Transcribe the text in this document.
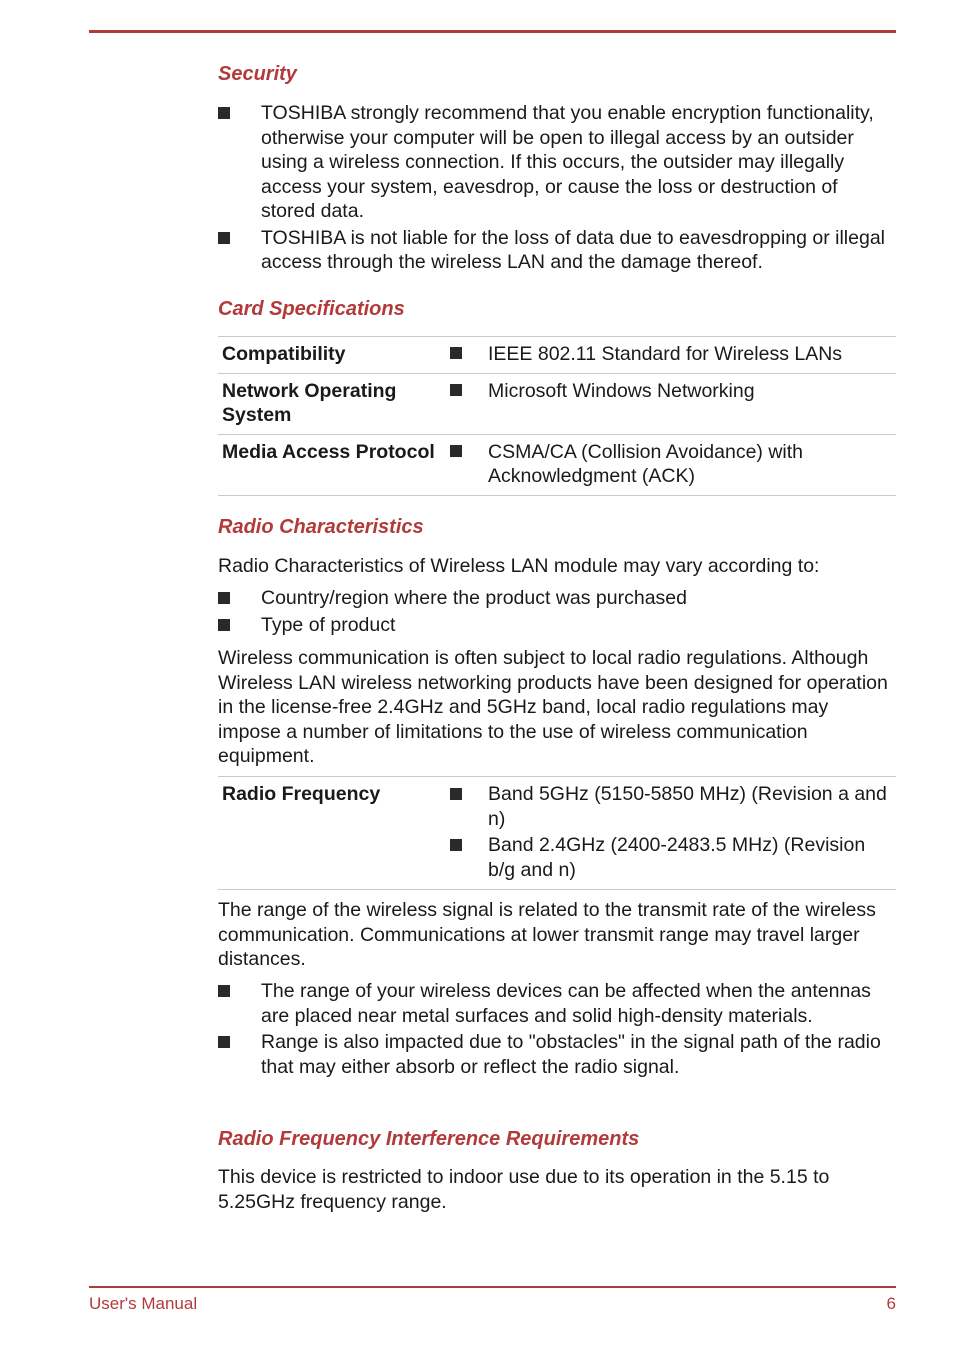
Security
TOSHIBA strongly recommend that you enable encryption functionality, otherwise your computer will be open to illegal access by an outsider using a wireless connection. If this occurs, the outsider may illegally access your system, eavesdrop, or cause the loss or destruction of stored data.
TOSHIBA is not liable for the loss of data due to eavesdropping or illegal access through the wireless LAN and the damage thereof.
Card Specifications
Compatibility		IEEE 802.11 Standard for Wireless LANs
Network Operating System		Microsoft Windows Networking
Media Access Protocol		CSMA/CA (Collision Avoidance) with Acknowledgment (ACK)
Radio Characteristics

Radio Characteristics of Wireless LAN module may vary according to:

Country/region where the product was purchased
Type of product

Wireless communication is often subject to local radio regulations. Although Wireless LAN wireless networking products have been designed for operation in the license-free 2.4GHz and 5GHz band, local radio regulations may impose a number of limitations to the use of wireless communication equipment.

Radio Frequency	Band 5GHz (5150-5850 MHz) (Revision a and n)
Band 2.4GHz (2400-2483.5 MHz) (Revision b/g and n)

The range of the wireless signal is related to the transmit rate of the wireless communication. Communications at lower transmit range may travel larger distances.

The range of your wireless devices can be affected when the antennas are placed near metal surfaces and solid high-density materials.
Range is also impacted due to "obstacles" in the signal path of the radio that may either absorb or reflect the radio signal.
Radio Frequency Interference Requirements

This device is restricted to indoor use due to its operation in the 5.15 to 5.25GHz frequency range.

User's Manual	6
